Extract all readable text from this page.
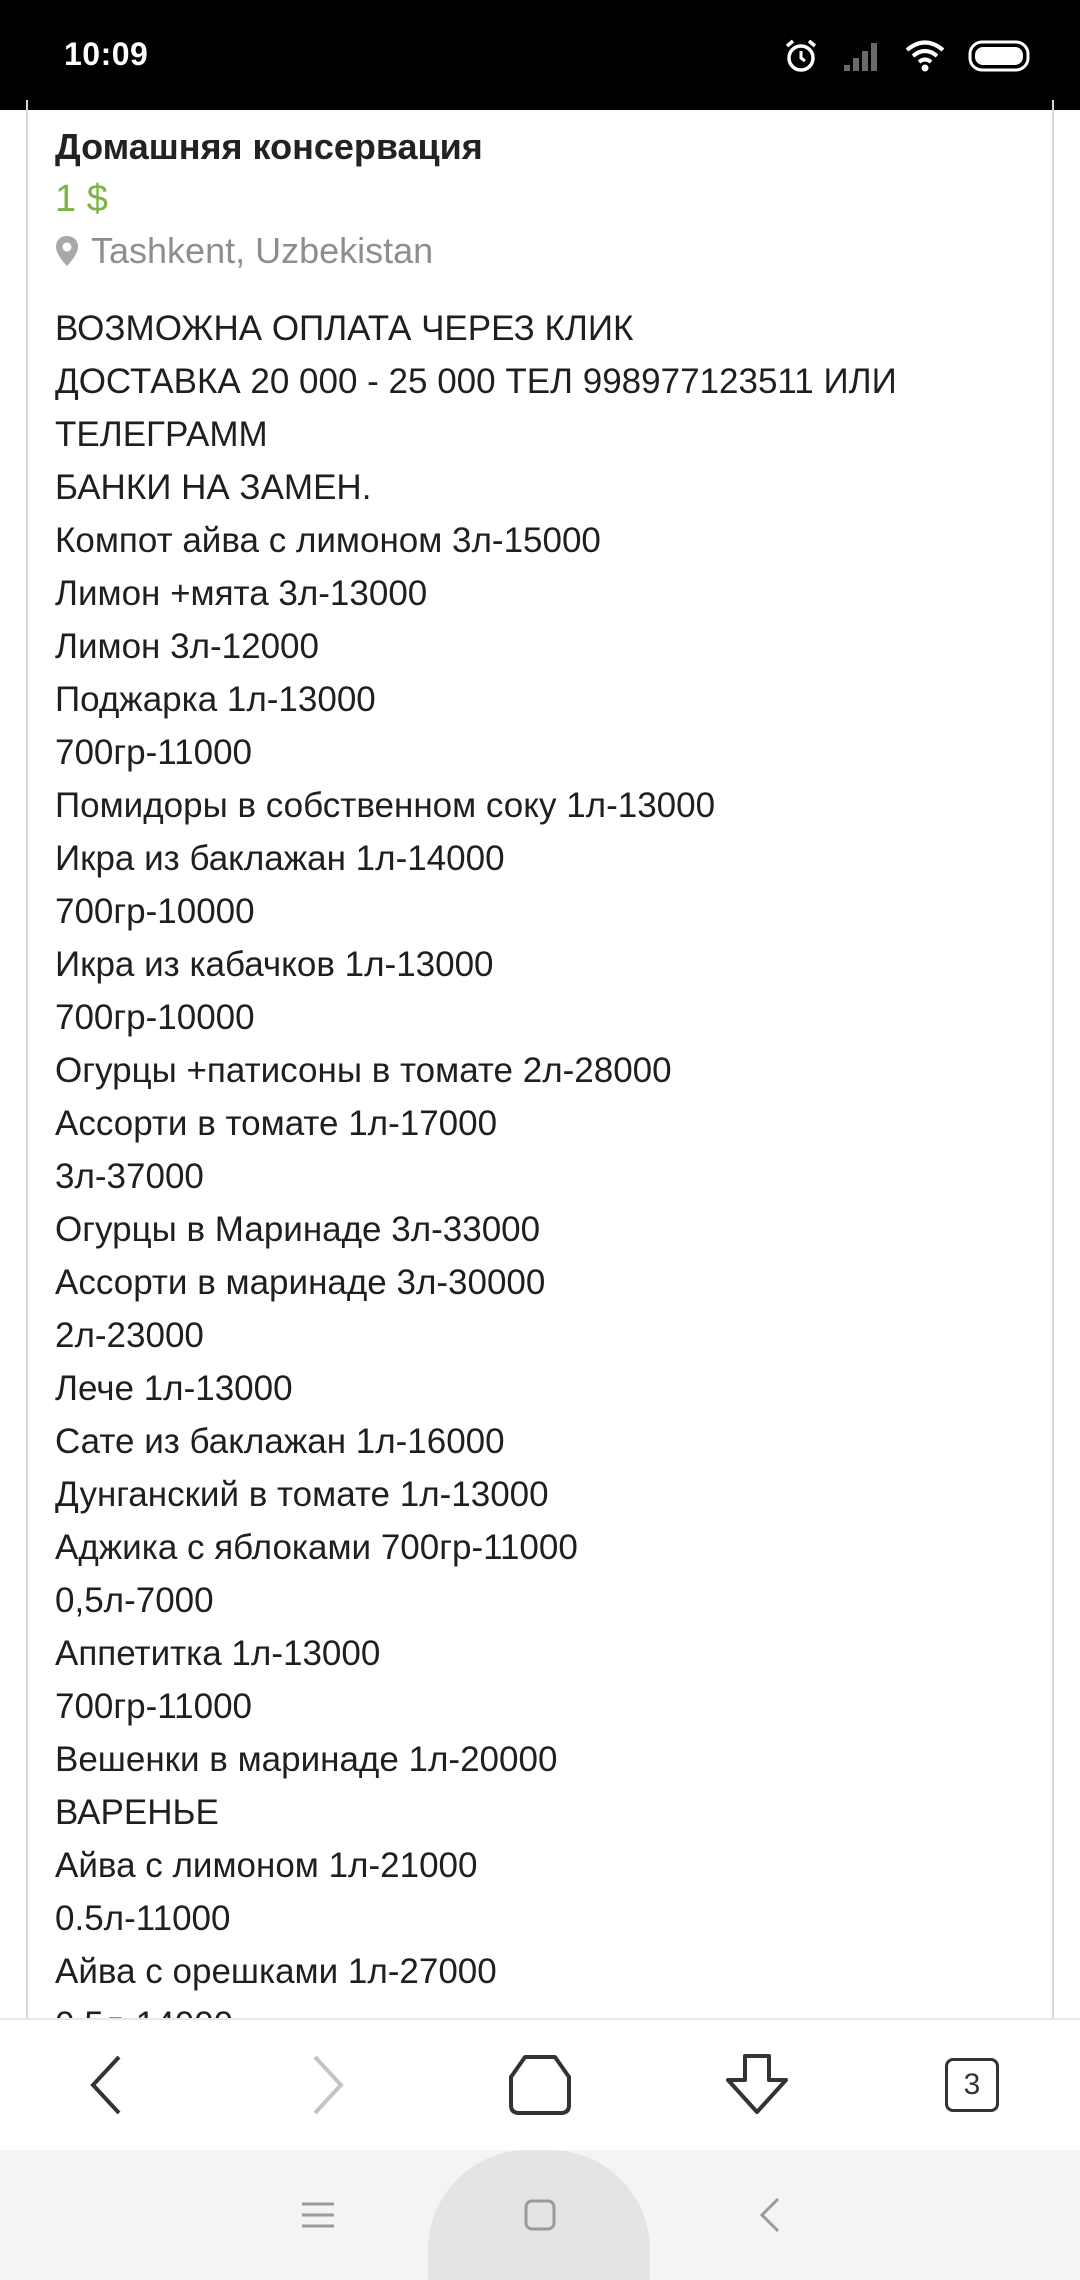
10:09
Домашняя консервация
1 $
Tashkent, Uzbekistan
ВОЗМОЖНА ОПЛАТА ЧЕРЕЗ КЛИК
ДОСТАВКА 20 000 - 25 000 ТЕЛ 998977123511 ИЛИ
ТЕЛЕГРАММ
БАНКИ НА ЗАМЕН.
Компот айва с лимоном 3л-15000
Лимон +мята 3л-13000
Лимон 3л-12000
Поджарка 1л-13000
700гр-11000
Помидоры в собственном соку 1л-13000
Икра из баклажан 1л-14000
700гр-10000
Икра из кабачков 1л-13000
700гр-10000
Огурцы +патисоны в томате 2л-28000
Ассорти в томате 1л-17000
3л-37000
Огурцы в Маринаде 3л-33000
Ассорти в маринаде 3л-30000
2л-23000
Лече 1л-13000
Сате из баклажан 1л-16000
Дунганский в томате 1л-13000
Аджика с яблоками 700гр-11000
0,5л-7000
Аппетитка 1л-13000
700гр-11000
Вешенки в маринаде 1л-20000
ВАРЕНЬЕ
Айва с лимоном 1л-21000
0.5л-11000
Айва с орешками 1л-27000
3
